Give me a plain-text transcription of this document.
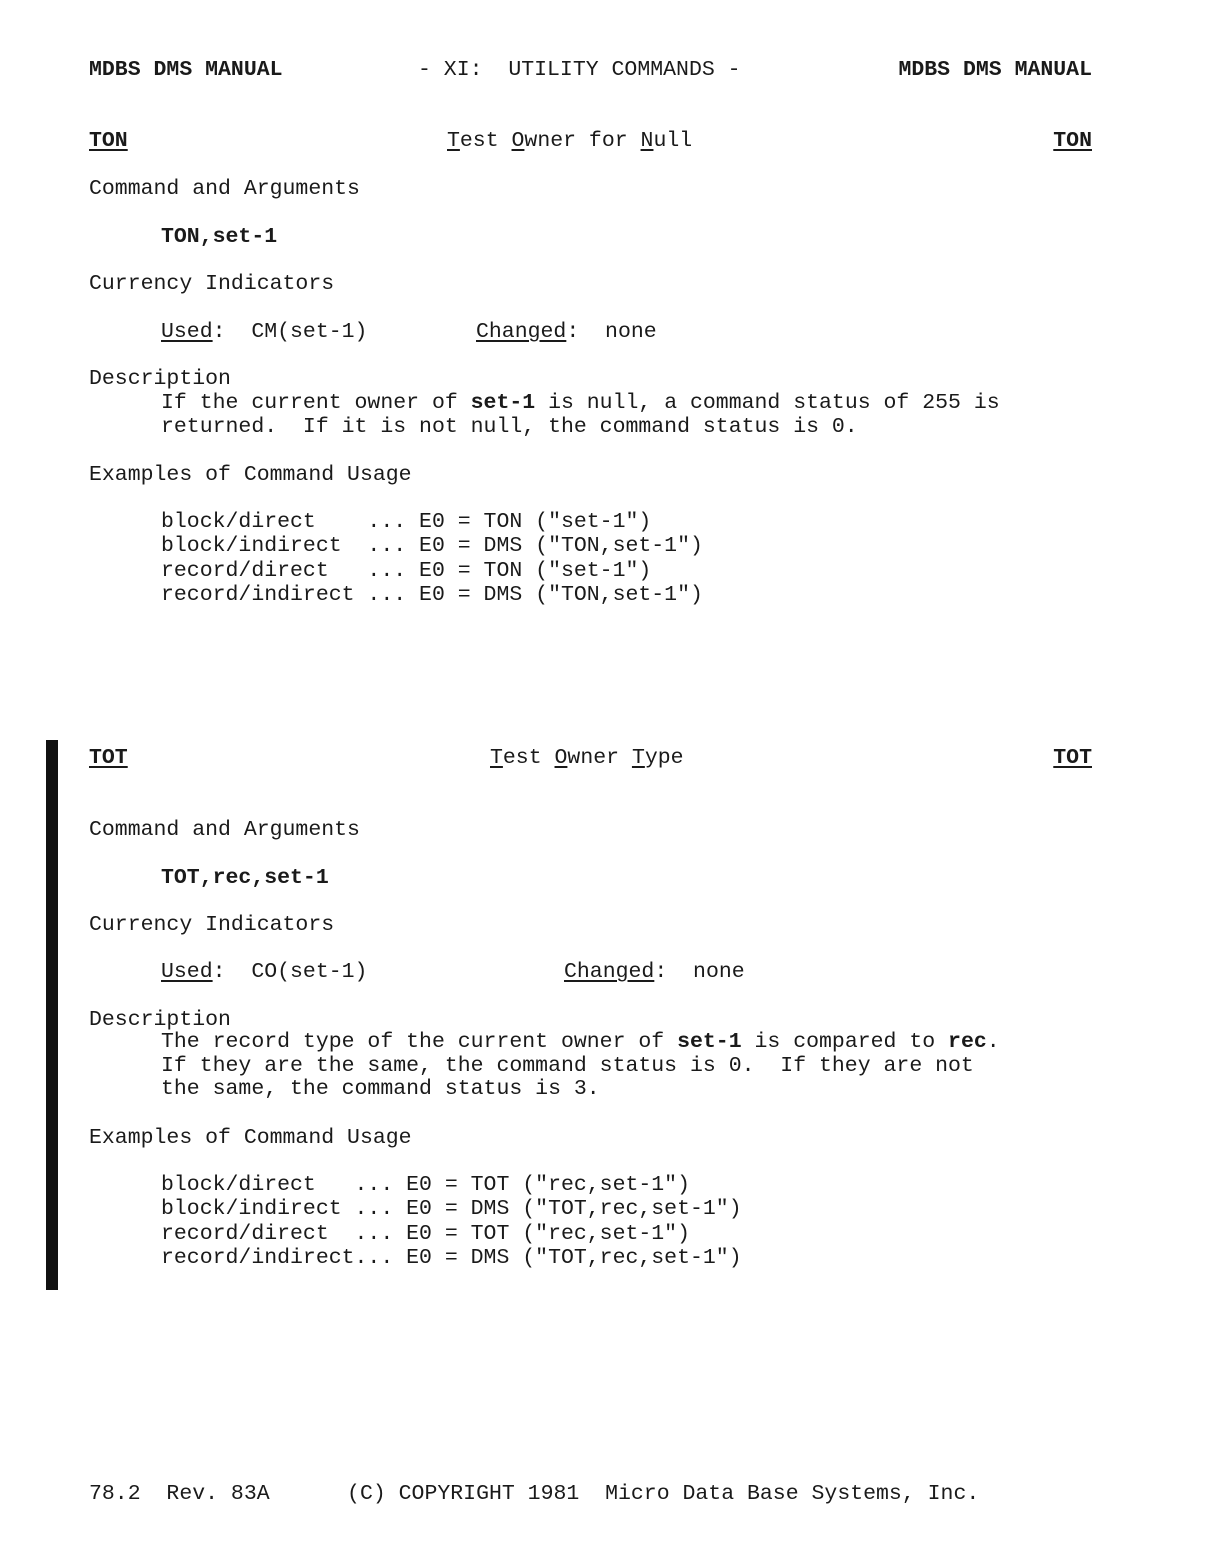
MDBS DMS MANUAL	- XI:  UTILITY COMMANDS -	MDBS DMS MANUAL
TON	Test Owner for Null	TON
Command and Arguments
TON,set-1
Currency Indicators
Used:  CM(set-1)	Changed:  none
Description
If the current owner of set-1 is null, a command status of 255 is
returned.  If it is not null, the command status is 0.
Examples of Command Usage
block/direct    ... E0 = TON ("set-1")
block/indirect  ... E0 = DMS ("TON,set-1")
record/direct   ... E0 = TON ("set-1")
record/indirect ... E0 = DMS ("TON,set-1")
TOT	Test Owner Type	TOT
Command and Arguments
TOT,rec,set-1
Currency Indicators
Used:  CO(set-1)	Changed:  none
Description
The record type of the current owner of set-1 is compared to rec.
If they are the same, the command status is 0.  If they are not
the same, the command status is 3.
Examples of Command Usage
block/direct   ... E0 = TOT ("rec,set-1")
block/indirect ... E0 = DMS ("TOT,rec,set-1")
record/direct  ... E0 = TOT ("rec,set-1")
record/indirect... E0 = DMS ("TOT,rec,set-1")
78.2  Rev. 83A      (C) COPYRIGHT 1981  Micro Data Base Systems, Inc.
